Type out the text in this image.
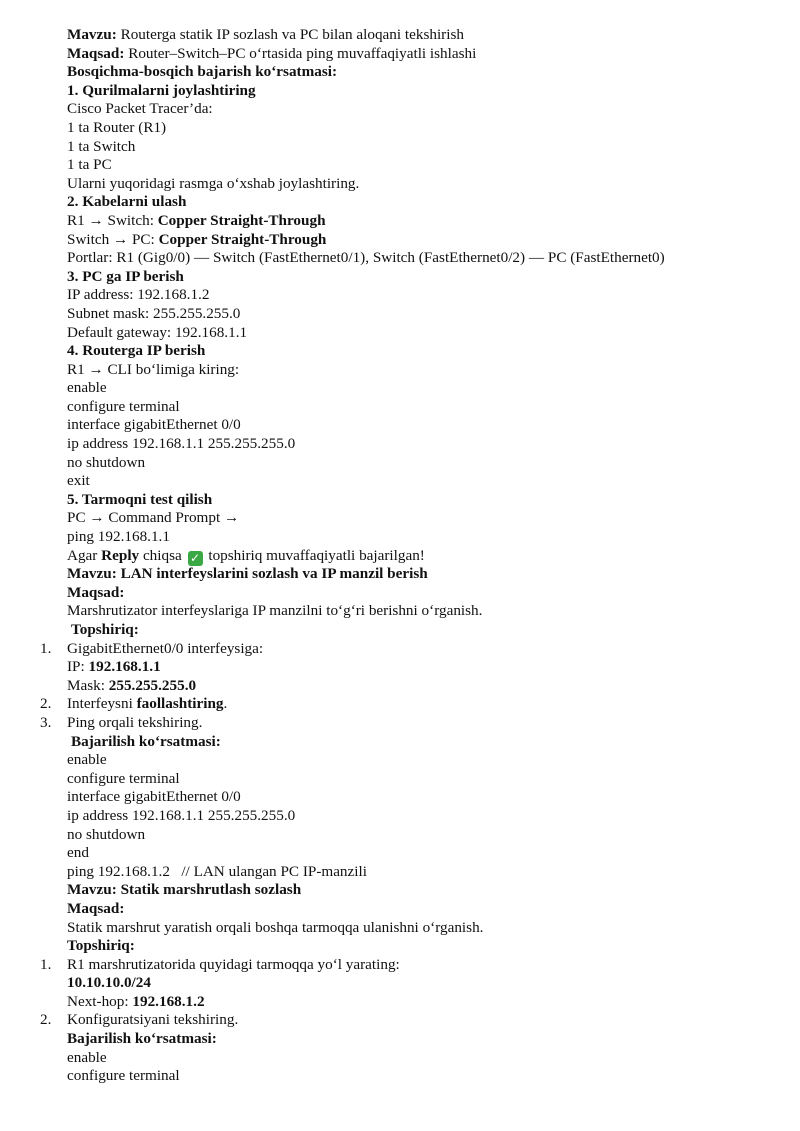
Mavzu: Routerga statik IP sozlash va PC bilan aloqani tekshirish
Maqsad: Router–Switch–PC o‘rtasida ping muvaffaqiyatli ishlashi
Bosqichma-bosqich bajarish ko‘rsatmasi:
1. Qurilmalarni joylashtiring
Cisco Packet Tracer’da:
1 ta Router (R1)
1 ta Switch
1 ta PC
Ularni yuqoridagi rasmga o‘xshab joylashtiring.
2. Kabelarni ulash
R1 → Switch: Copper Straight-Through
Switch → PC: Copper Straight-Through
Portlar: R1 (Gig0/0) — Switch (FastEthernet0/1), Switch (FastEthernet0/2) — PC (FastEthernet0)
3. PC ga IP berish
IP address: 192.168.1.2
Subnet mask: 255.255.255.0
Default gateway: 192.168.1.1
4. Routerga IP berish
R1 → CLI bo‘limiga kiring:
enable
configure terminal
interface gigabitEthernet 0/0
ip address 192.168.1.1 255.255.255.0
no shutdown
exit
5. Tarmoqni test qilish
PC → Command Prompt →
ping 192.168.1.1
Agar Reply chiqsa ✓ topshiriq muvaffaqiyatli bajarilgan!
Mavzu: LAN interfeyslarini sozlash va IP manzil berish
Maqsad:
Marshrutizator interfeyslariga IP manzilni to‘g‘ri berishni o‘rganish.
Topshiriq:
1. GigabitEthernet0/0 interfeysiga:
IP: 192.168.1.1
Mask: 255.255.255.0
2. Interfeysni faollashtiring.
3. Ping orqali tekshiring.
Bajarilish ko‘rsatmasi:
enable
configure terminal
interface gigabitEthernet 0/0
ip address 192.168.1.1 255.255.255.0
no shutdown
end
ping 192.168.1.2   // LAN ulangan PC IP-manzili
Mavzu: Statik marshrutlash sozlash
Maqsad:
Statik marshrut yaratish orqali boshqa tarmoqqa ulanishni o‘rganish.
Topshiriq:
1. R1 marshrutizatorida quyidagi tarmoqqa yo‘l yarating:
10.10.10.0/24
Next-hop: 192.168.1.2
2. Konfiguratsiyani tekshiring.
Bajarilish ko‘rsatmasi:
enable
configure terminal
